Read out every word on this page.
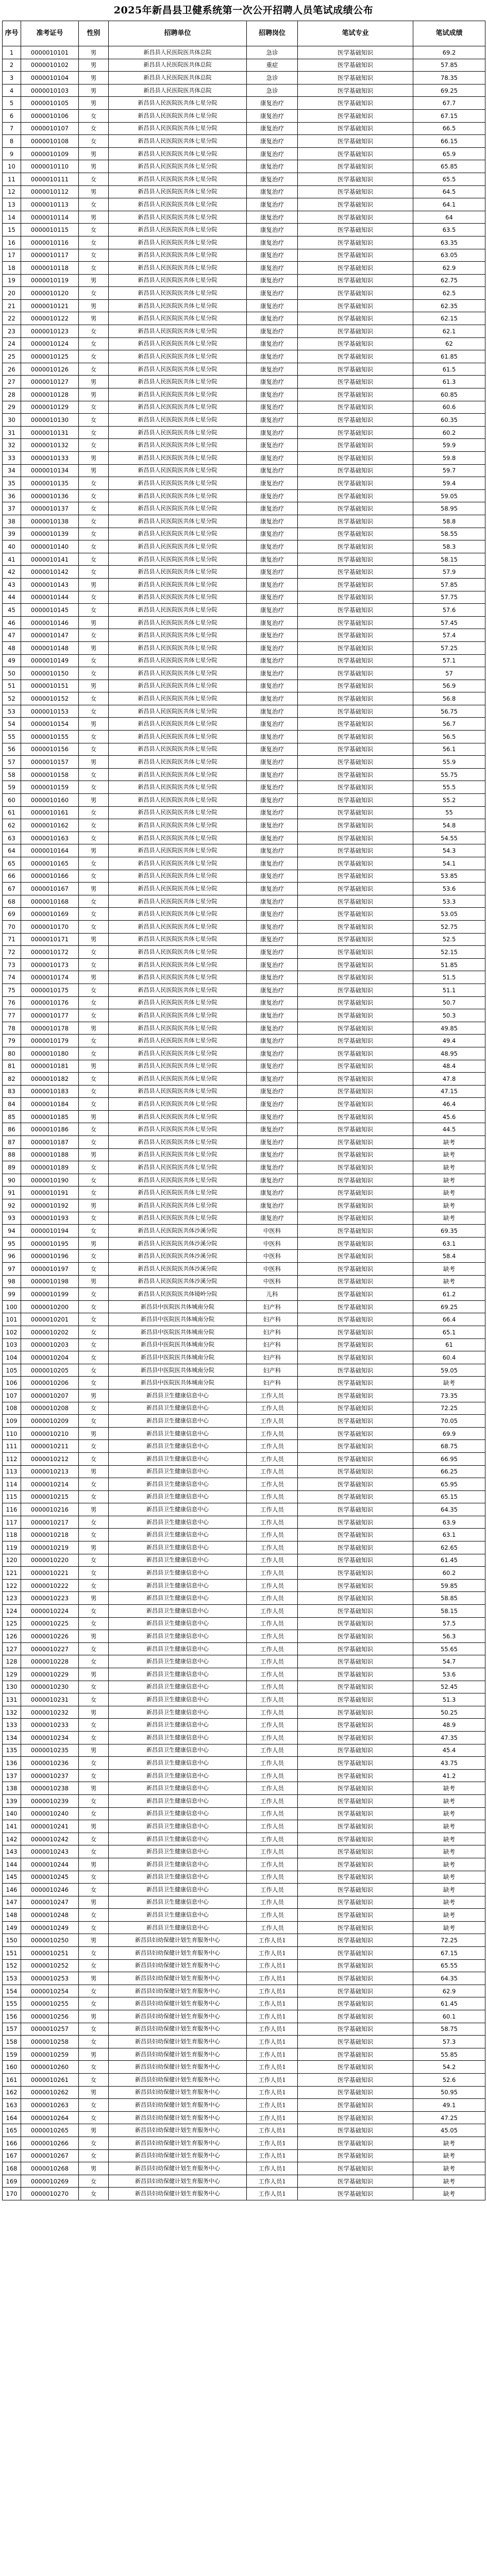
2025年新昌县卫健系统第一次公开招聘人员笔试成绩公布
序号	准考证号	性别	招聘单位	招聘岗位	笔试专业	笔试成绩
1	0000010101	男	新昌县人民医院医共体总院	急诊	医学基础知识	69.2
2	0000010102	男	新昌县人民医院医共体总院	重症	医学基础知识	57.85
3	0000010104	男	新昌县人民医院医共体总院	急诊	医学基础知识	78.35
4	0000010103	男	新昌县人民医院医共体总院	急诊	医学基础知识	69.25
5	0000010105	男	新昌县人民医院医共体七星分院	康复治疗	医学基础知识	67.7
6	0000010106	女	新昌县人民医院医共体七星分院	康复治疗	医学基础知识	67.15
7	0000010107	女	新昌县人民医院医共体七星分院	康复治疗	医学基础知识	66.5
8	0000010108	女	新昌县人民医院医共体七星分院	康复治疗	医学基础知识	66.15
9	0000010109	男	新昌县人民医院医共体七星分院	康复治疗	医学基础知识	65.9
10	0000010110	男	新昌县人民医院医共体七星分院	康复治疗	医学基础知识	65.85
11	0000010111	女	新昌县人民医院医共体七星分院	康复治疗	医学基础知识	65.5
12	0000010112	男	新昌县人民医院医共体七星分院	康复治疗	医学基础知识	64.5
13	0000010113	女	新昌县人民医院医共体七星分院	康复治疗	医学基础知识	64.1
14	0000010114	男	新昌县人民医院医共体七星分院	康复治疗	医学基础知识	64
15	0000010115	女	新昌县人民医院医共体七星分院	康复治疗	医学基础知识	63.5
16	0000010116	女	新昌县人民医院医共体七星分院	康复治疗	医学基础知识	63.35
17	0000010117	女	新昌县人民医院医共体七星分院	康复治疗	医学基础知识	63.05
18	0000010118	女	新昌县人民医院医共体七星分院	康复治疗	医学基础知识	62.9
19	0000010119	男	新昌县人民医院医共体七星分院	康复治疗	医学基础知识	62.75
20	0000010120	女	新昌县人民医院医共体七星分院	康复治疗	医学基础知识	62.5
21	0000010121	男	新昌县人民医院医共体七星分院	康复治疗	医学基础知识	62.35
22	0000010122	男	新昌县人民医院医共体七星分院	康复治疗	医学基础知识	62.15
23	0000010123	女	新昌县人民医院医共体七星分院	康复治疗	医学基础知识	62.1
24	0000010124	女	新昌县人民医院医共体七星分院	康复治疗	医学基础知识	62
25	0000010125	女	新昌县人民医院医共体七星分院	康复治疗	医学基础知识	61.85
26	0000010126	女	新昌县人民医院医共体七星分院	康复治疗	医学基础知识	61.5
27	0000010127	男	新昌县人民医院医共体七星分院	康复治疗	医学基础知识	61.3
28	0000010128	男	新昌县人民医院医共体七星分院	康复治疗	医学基础知识	60.85
29	0000010129	女	新昌县人民医院医共体七星分院	康复治疗	医学基础知识	60.6
30	0000010130	女	新昌县人民医院医共体七星分院	康复治疗	医学基础知识	60.35
31	0000010131	女	新昌县人民医院医共体七星分院	康复治疗	医学基础知识	60.2
32	0000010132	女	新昌县人民医院医共体七星分院	康复治疗	医学基础知识	59.9
33	0000010133	男	新昌县人民医院医共体七星分院	康复治疗	医学基础知识	59.8
34	0000010134	男	新昌县人民医院医共体七星分院	康复治疗	医学基础知识	59.7
35	0000010135	女	新昌县人民医院医共体七星分院	康复治疗	医学基础知识	59.4
36	0000010136	女	新昌县人民医院医共体七星分院	康复治疗	医学基础知识	59.05
37	0000010137	女	新昌县人民医院医共体七星分院	康复治疗	医学基础知识	58.95
38	0000010138	女	新昌县人民医院医共体七星分院	康复治疗	医学基础知识	58.8
39	0000010139	女	新昌县人民医院医共体七星分院	康复治疗	医学基础知识	58.55
40	0000010140	女	新昌县人民医院医共体七星分院	康复治疗	医学基础知识	58.3
41	0000010141	女	新昌县人民医院医共体七星分院	康复治疗	医学基础知识	58.15
42	0000010142	女	新昌县人民医院医共体七星分院	康复治疗	医学基础知识	57.9
43	0000010143	男	新昌县人民医院医共体七星分院	康复治疗	医学基础知识	57.85
44	0000010144	女	新昌县人民医院医共体七星分院	康复治疗	医学基础知识	57.75
45	0000010145	女	新昌县人民医院医共体七星分院	康复治疗	医学基础知识	57.6
46	0000010146	男	新昌县人民医院医共体七星分院	康复治疗	医学基础知识	57.45
47	0000010147	女	新昌县人民医院医共体七星分院	康复治疗	医学基础知识	57.4
48	0000010148	男	新昌县人民医院医共体七星分院	康复治疗	医学基础知识	57.25
49	0000010149	女	新昌县人民医院医共体七星分院	康复治疗	医学基础知识	57.1
50	0000010150	女	新昌县人民医院医共体七星分院	康复治疗	医学基础知识	57
51	0000010151	男	新昌县人民医院医共体七星分院	康复治疗	医学基础知识	56.9
52	0000010152	女	新昌县人民医院医共体七星分院	康复治疗	医学基础知识	56.8
53	0000010153	女	新昌县人民医院医共体七星分院	康复治疗	医学基础知识	56.75
54	0000010154	男	新昌县人民医院医共体七星分院	康复治疗	医学基础知识	56.7
55	0000010155	女	新昌县人民医院医共体七星分院	康复治疗	医学基础知识	56.5
56	0000010156	女	新昌县人民医院医共体七星分院	康复治疗	医学基础知识	56.1
57	0000010157	男	新昌县人民医院医共体七星分院	康复治疗	医学基础知识	55.9
58	0000010158	女	新昌县人民医院医共体七星分院	康复治疗	医学基础知识	55.75
59	0000010159	女	新昌县人民医院医共体七星分院	康复治疗	医学基础知识	55.5
60	0000010160	男	新昌县人民医院医共体七星分院	康复治疗	医学基础知识	55.2
61	0000010161	女	新昌县人民医院医共体七星分院	康复治疗	医学基础知识	55
62	0000010162	女	新昌县人民医院医共体七星分院	康复治疗	医学基础知识	54.8
63	0000010163	女	新昌县人民医院医共体七星分院	康复治疗	医学基础知识	54.55
64	0000010164	男	新昌县人民医院医共体七星分院	康复治疗	医学基础知识	54.3
65	0000010165	女	新昌县人民医院医共体七星分院	康复治疗	医学基础知识	54.1
66	0000010166	女	新昌县人民医院医共体七星分院	康复治疗	医学基础知识	53.85
67	0000010167	男	新昌县人民医院医共体七星分院	康复治疗	医学基础知识	53.6
68	0000010168	女	新昌县人民医院医共体七星分院	康复治疗	医学基础知识	53.3
69	0000010169	女	新昌县人民医院医共体七星分院	康复治疗	医学基础知识	53.05
70	0000010170	女	新昌县人民医院医共体七星分院	康复治疗	医学基础知识	52.75
71	0000010171	男	新昌县人民医院医共体七星分院	康复治疗	医学基础知识	52.5
72	0000010172	女	新昌县人民医院医共体七星分院	康复治疗	医学基础知识	52.15
73	0000010173	女	新昌县人民医院医共体七星分院	康复治疗	医学基础知识	51.85
74	0000010174	男	新昌县人民医院医共体七星分院	康复治疗	医学基础知识	51.5
75	0000010175	女	新昌县人民医院医共体七星分院	康复治疗	医学基础知识	51.1
76	0000010176	女	新昌县人民医院医共体七星分院	康复治疗	医学基础知识	50.7
77	0000010177	女	新昌县人民医院医共体七星分院	康复治疗	医学基础知识	50.3
78	0000010178	男	新昌县人民医院医共体七星分院	康复治疗	医学基础知识	49.85
79	0000010179	女	新昌县人民医院医共体七星分院	康复治疗	医学基础知识	49.4
80	0000010180	女	新昌县人民医院医共体七星分院	康复治疗	医学基础知识	48.95
81	0000010181	男	新昌县人民医院医共体七星分院	康复治疗	医学基础知识	48.4
82	0000010182	女	新昌县人民医院医共体七星分院	康复治疗	医学基础知识	47.8
83	0000010183	女	新昌县人民医院医共体七星分院	康复治疗	医学基础知识	47.15
84	0000010184	女	新昌县人民医院医共体七星分院	康复治疗	医学基础知识	46.4
85	0000010185	男	新昌县人民医院医共体七星分院	康复治疗	医学基础知识	45.6
86	0000010186	女	新昌县人民医院医共体七星分院	康复治疗	医学基础知识	44.5
87	0000010187	女	新昌县人民医院医共体七星分院	康复治疗	医学基础知识	缺考
88	0000010188	男	新昌县人民医院医共体七星分院	康复治疗	医学基础知识	缺考
89	0000010189	女	新昌县人民医院医共体七星分院	康复治疗	医学基础知识	缺考
90	0000010190	女	新昌县人民医院医共体七星分院	康复治疗	医学基础知识	缺考
91	0000010191	女	新昌县人民医院医共体七星分院	康复治疗	医学基础知识	缺考
92	0000010192	男	新昌县人民医院医共体七星分院	康复治疗	医学基础知识	缺考
93	0000010193	女	新昌县人民医院医共体七星分院	康复治疗	医学基础知识	缺考
94	0000010194	女	新昌县人民医院医共体沙溪分院	中医科	医学基础知识	69.35
95	0000010195	男	新昌县人民医院医共体沙溪分院	中医科	医学基础知识	63.1
96	0000010196	女	新昌县人民医院医共体沙溪分院	中医科	医学基础知识	58.4
97	0000010197	女	新昌县人民医院医共体沙溪分院	中医科	医学基础知识	缺考
98	0000010198	男	新昌县人民医院医共体沙溪分院	中医科	医学基础知识	缺考
99	0000010199	女	新昌县人民医院医共体镜岭分院	儿科	医学基础知识	61.2
100	0000010200	女	新昌县中医院医共体城南分院	妇产科	医学基础知识	69.25
101	0000010201	女	新昌县中医院医共体城南分院	妇产科	医学基础知识	66.4
102	0000010202	女	新昌县中医院医共体城南分院	妇产科	医学基础知识	65.1
103	0000010203	女	新昌县中医院医共体城南分院	妇产科	医学基础知识	61
104	0000010204	女	新昌县中医院医共体城南分院	妇产科	医学基础知识	60.4
105	0000010205	女	新昌县中医院医共体城南分院	妇产科	医学基础知识	59.05
106	0000010206	女	新昌县中医院医共体城南分院	妇产科	医学基础知识	缺考
107	0000010207	男	新昌县卫生健康信息中心	工作人员	医学基础知识	73.35
108	0000010208	女	新昌县卫生健康信息中心	工作人员	医学基础知识	72.25
109	0000010209	女	新昌县卫生健康信息中心	工作人员	医学基础知识	70.05
110	0000010210	男	新昌县卫生健康信息中心	工作人员	医学基础知识	69.9
111	0000010211	女	新昌县卫生健康信息中心	工作人员	医学基础知识	68.75
112	0000010212	女	新昌县卫生健康信息中心	工作人员	医学基础知识	66.95
113	0000010213	男	新昌县卫生健康信息中心	工作人员	医学基础知识	66.25
114	0000010214	女	新昌县卫生健康信息中心	工作人员	医学基础知识	65.95
115	0000010215	女	新昌县卫生健康信息中心	工作人员	医学基础知识	65.15
116	0000010216	男	新昌县卫生健康信息中心	工作人员	医学基础知识	64.35
117	0000010217	女	新昌县卫生健康信息中心	工作人员	医学基础知识	63.9
118	0000010218	女	新昌县卫生健康信息中心	工作人员	医学基础知识	63.1
119	0000010219	男	新昌县卫生健康信息中心	工作人员	医学基础知识	62.65
120	0000010220	女	新昌县卫生健康信息中心	工作人员	医学基础知识	61.45
121	0000010221	女	新昌县卫生健康信息中心	工作人员	医学基础知识	60.2
122	0000010222	女	新昌县卫生健康信息中心	工作人员	医学基础知识	59.85
123	0000010223	男	新昌县卫生健康信息中心	工作人员	医学基础知识	58.85
124	0000010224	女	新昌县卫生健康信息中心	工作人员	医学基础知识	58.15
125	0000010225	女	新昌县卫生健康信息中心	工作人员	医学基础知识	57.5
126	0000010226	男	新昌县卫生健康信息中心	工作人员	医学基础知识	56.3
127	0000010227	女	新昌县卫生健康信息中心	工作人员	医学基础知识	55.65
128	0000010228	女	新昌县卫生健康信息中心	工作人员	医学基础知识	54.7
129	0000010229	男	新昌县卫生健康信息中心	工作人员	医学基础知识	53.6
130	0000010230	女	新昌县卫生健康信息中心	工作人员	医学基础知识	52.45
131	0000010231	女	新昌县卫生健康信息中心	工作人员	医学基础知识	51.3
132	0000010232	男	新昌县卫生健康信息中心	工作人员	医学基础知识	50.25
133	0000010233	女	新昌县卫生健康信息中心	工作人员	医学基础知识	48.9
134	0000010234	女	新昌县卫生健康信息中心	工作人员	医学基础知识	47.35
135	0000010235	男	新昌县卫生健康信息中心	工作人员	医学基础知识	45.4
136	0000010236	女	新昌县卫生健康信息中心	工作人员	医学基础知识	43.75
137	0000010237	女	新昌县卫生健康信息中心	工作人员	医学基础知识	41.2
138	0000010238	男	新昌县卫生健康信息中心	工作人员	医学基础知识	缺考
139	0000010239	女	新昌县卫生健康信息中心	工作人员	医学基础知识	缺考
140	0000010240	女	新昌县卫生健康信息中心	工作人员	医学基础知识	缺考
141	0000010241	男	新昌县卫生健康信息中心	工作人员	医学基础知识	缺考
142	0000010242	女	新昌县卫生健康信息中心	工作人员	医学基础知识	缺考
143	0000010243	女	新昌县卫生健康信息中心	工作人员	医学基础知识	缺考
144	0000010244	男	新昌县卫生健康信息中心	工作人员	医学基础知识	缺考
145	0000010245	女	新昌县卫生健康信息中心	工作人员	医学基础知识	缺考
146	0000010246	女	新昌县卫生健康信息中心	工作人员	医学基础知识	缺考
147	0000010247	男	新昌县卫生健康信息中心	工作人员	医学基础知识	缺考
148	0000010248	女	新昌县卫生健康信息中心	工作人员	医学基础知识	缺考
149	0000010249	女	新昌县卫生健康信息中心	工作人员	医学基础知识	缺考
150	0000010250	男	新昌县妇幼保健计划生育服务中心	工作人员1	医学基础知识	72.25
151	0000010251	女	新昌县妇幼保健计划生育服务中心	工作人员1	医学基础知识	67.15
152	0000010252	女	新昌县妇幼保健计划生育服务中心	工作人员1	医学基础知识	65.55
153	0000010253	男	新昌县妇幼保健计划生育服务中心	工作人员1	医学基础知识	64.35
154	0000010254	女	新昌县妇幼保健计划生育服务中心	工作人员1	医学基础知识	62.9
155	0000010255	女	新昌县妇幼保健计划生育服务中心	工作人员1	医学基础知识	61.45
156	0000010256	男	新昌县妇幼保健计划生育服务中心	工作人员1	医学基础知识	60.1
157	0000010257	女	新昌县妇幼保健计划生育服务中心	工作人员1	医学基础知识	58.75
158	0000010258	女	新昌县妇幼保健计划生育服务中心	工作人员1	医学基础知识	57.3
159	0000010259	男	新昌县妇幼保健计划生育服务中心	工作人员1	医学基础知识	55.85
160	0000010260	女	新昌县妇幼保健计划生育服务中心	工作人员1	医学基础知识	54.2
161	0000010261	女	新昌县妇幼保健计划生育服务中心	工作人员1	医学基础知识	52.6
162	0000010262	男	新昌县妇幼保健计划生育服务中心	工作人员1	医学基础知识	50.95
163	0000010263	女	新昌县妇幼保健计划生育服务中心	工作人员1	医学基础知识	49.1
164	0000010264	女	新昌县妇幼保健计划生育服务中心	工作人员1	医学基础知识	47.25
165	0000010265	男	新昌县妇幼保健计划生育服务中心	工作人员1	医学基础知识	45.05
166	0000010266	女	新昌县妇幼保健计划生育服务中心	工作人员1	医学基础知识	缺考
167	0000010267	女	新昌县妇幼保健计划生育服务中心	工作人员1	医学基础知识	缺考
168	0000010268	男	新昌县妇幼保健计划生育服务中心	工作人员1	医学基础知识	缺考
169	0000010269	女	新昌县妇幼保健计划生育服务中心	工作人员1	医学基础知识	缺考
170	0000010270	女	新昌县妇幼保健计划生育服务中心	工作人员1	医学基础知识	缺考
